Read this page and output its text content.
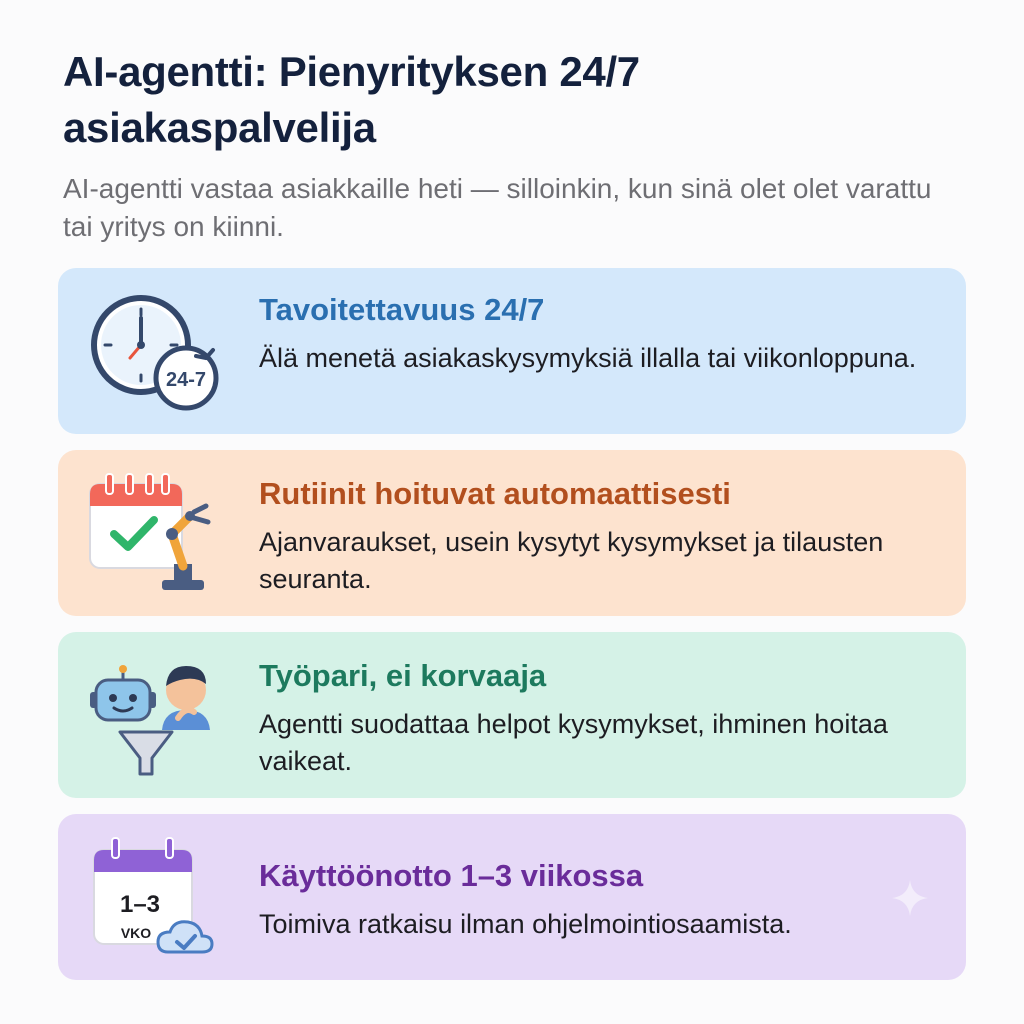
AI-agentti: Pienyrityksen 24/7 asiakaspalvelija

AI-agentti vastaa asiakkaille heti — silloinkin, kun sinä olet olet varattu tai yritys on kiinni.

24-7
Tavoitettavuus 24/7
Älä menetä asiakaskysymyksiä illalla tai viikonloppuna.
Rutiinit hoituvat automaattisesti
Ajanvaraukset, usein kysytyt kysymykset ja tilausten seuranta.
Työpari, ei korvaaja
Agentti suodattaa helpot kysymykset, ihminen hoitaa vaikeat.
1–3
VKO
Käyttöönotto 1–3 viikossa
Toimiva ratkaisu ilman ohjelmointiosaamista.
